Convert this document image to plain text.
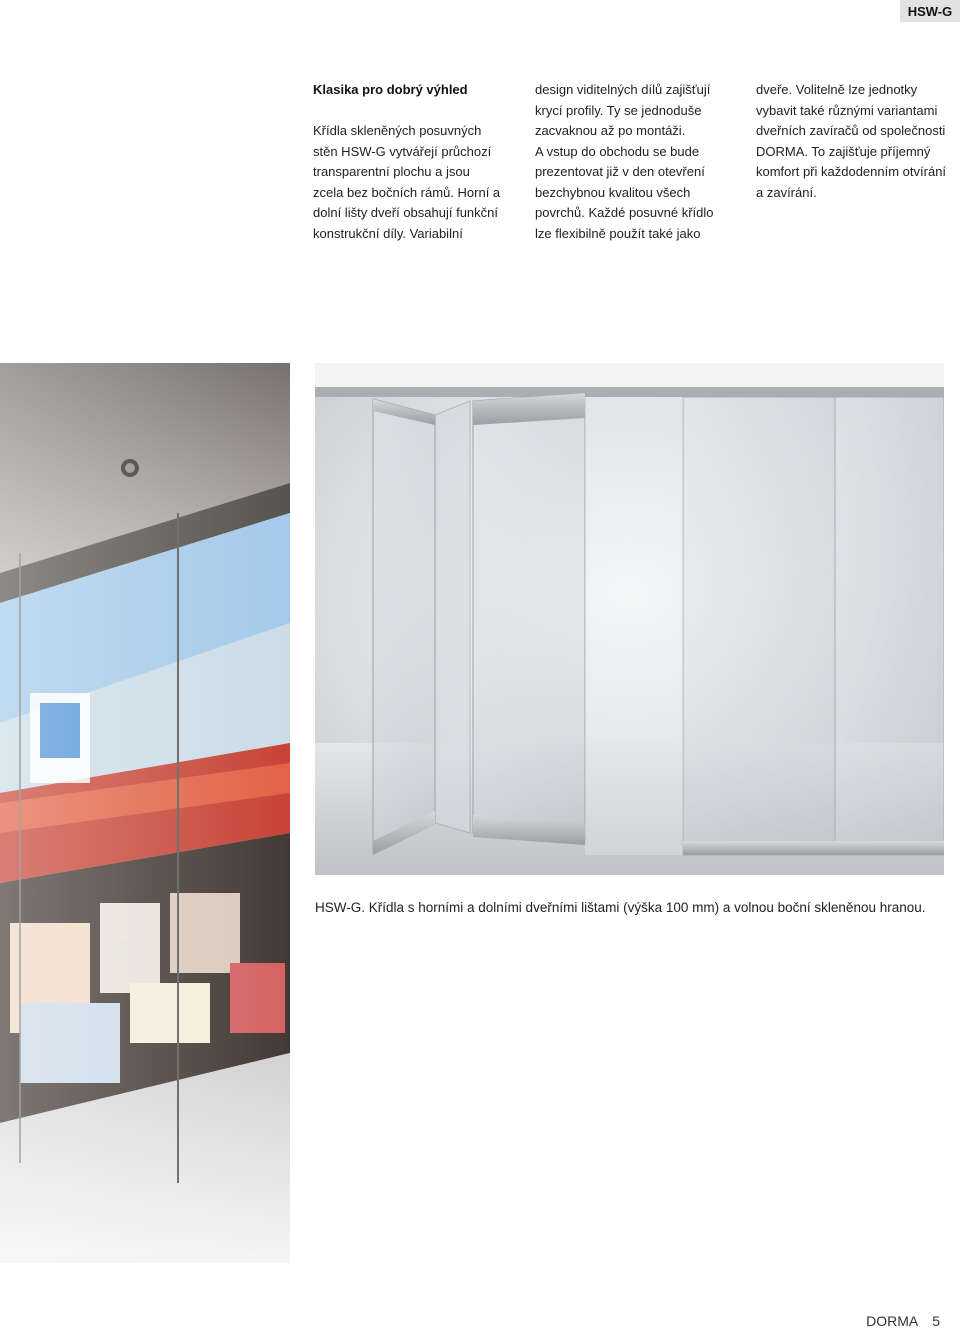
HSW-G

Klasika pro dobrý výhled

Křídla skleněných posuvných

stěn HSW-G vytvářejí průchozí

transparentní plochu a jsou

zcela bez bočních rámů. Horní a

dolní lišty dveří obsahují funkční

konstrukční díly. Variabilní

design viditelných dílů zajišťují

krycí profily. Ty se jednoduše

zacvaknou až po montáži.

A vstup do obchodu se bude

prezentovat již v den otevření

bezchybnou kvalitou všech

povrchů. Každé posuvné křídlo

lze flexibilně použít také jako

dveře. Volitelně lze jednotky

vybavit také různými variantami

dveřních zavíračů od společnosti

DORMA. To zajišťuje příjemný

komfort při každodenním otvírání

a zavírání.

HSW-G. Křídla s horními a dolními dveřními lištami (výška 100 mm) a volnou boční skleněnou hranou.
DORMA 5
